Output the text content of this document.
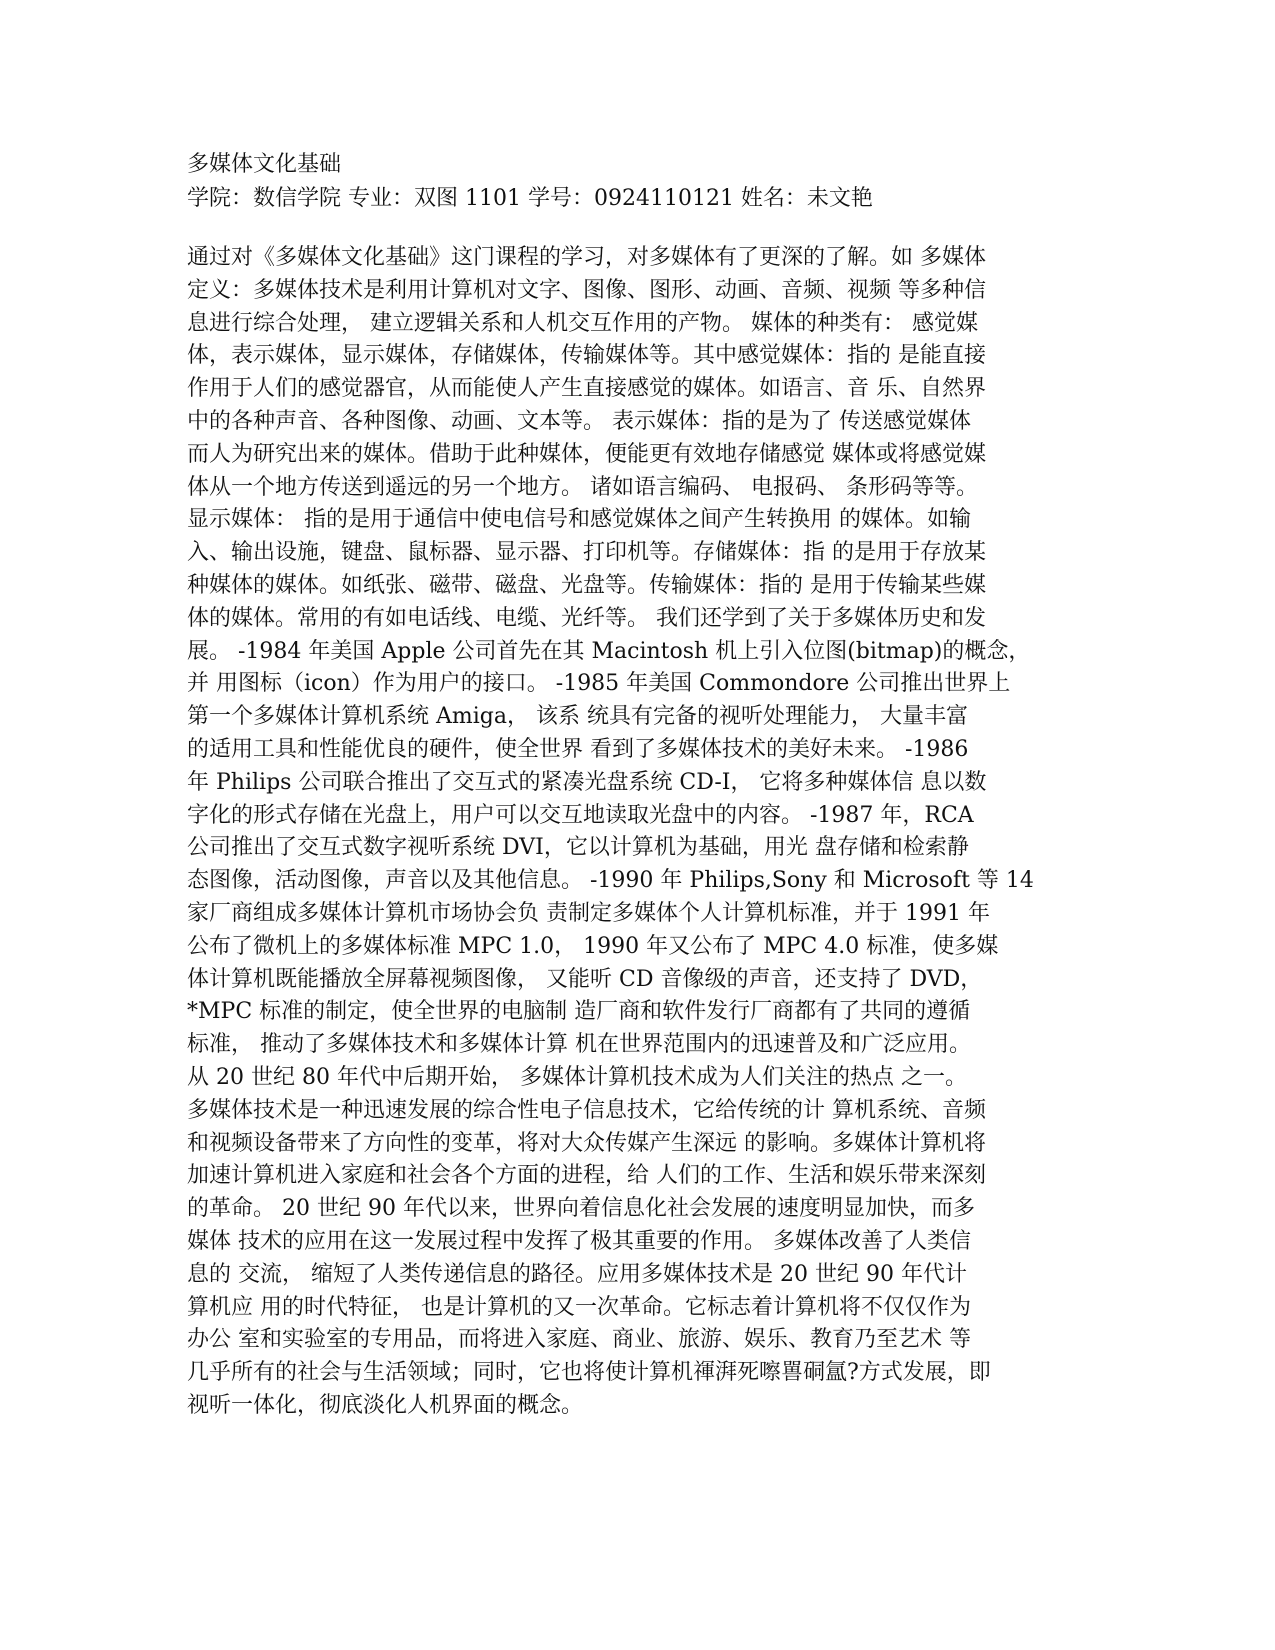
多媒体文化基础
学院：数信学院 专业：双图 1101 学号：0924110121 姓名：未文艳
通过对《多媒体文化基础》这门课程的学习，对多媒体有了更深的了解。如 多媒体
定义：多媒体技术是利用计算机对文字、图像、图形、动画、音频、视频 等多种信
息进行综合处理， 建立逻辑关系和人机交互作用的产物。 媒体的种类有： 感觉媒
体，表示媒体，显示媒体，存储媒体，传输媒体等。其中感觉媒体：指的 是能直接
作用于人们的感觉器官，从而能使人产生直接感觉的媒体。如语言、音 乐、自然界
中的各种声音、各种图像、动画、文本等。 表示媒体：指的是为了 传送感觉媒体
而人为研究出来的媒体。借助于此种媒体，便能更有效地存储感觉 媒体或将感觉媒
体从一个地方传送到遥远的另一个地方。 诸如语言编码、 电报码、 条形码等等。
显示媒体： 指的是用于通信中使电信号和感觉媒体之间产生转换用 的媒体。如输
入、输出设施，键盘、鼠标器、显示器、打印机等。存储媒体：指 的是用于存放某
种媒体的媒体。如纸张、磁带、磁盘、光盘等。传输媒体：指的 是用于传输某些媒
体的媒体。常用的有如电话线、电缆、光纤等。 我们还学到了关于多媒体历史和发
展。 -1984 年美国 Apple 公司首先在其 Macintosh 机上引入位图(bitmap)的概念，
并 用图标（icon）作为用户的接口。 -1985 年美国 Commondore 公司推出世界上
第一个多媒体计算机系统 Amiga， 该系 统具有完备的视听处理能力， 大量丰富
的适用工具和性能优良的硬件，使全世界 看到了多媒体技术的美好未来。 -1986
年 Philips 公司联合推出了交互式的紧凑光盘系统 CD-I， 它将多种媒体信 息以数
字化的形式存储在光盘上，用户可以交互地读取光盘中的内容。 -1987 年，RCA
公司推出了交互式数字视听系统 DVI，它以计算机为基础，用光 盘存储和检索静
态图像，活动图像，声音以及其他信息。 -1990 年 Philips,Sony 和 Microsoft 等 14
家厂商组成多媒体计算机市场协会负 责制定多媒体个人计算机标准，并于 1991 年
公布了微机上的多媒体标准 MPC 1.0， 1990 年又公布了 MPC 4.0 标准，使多媒
体计算机既能播放全屏幕视频图像， 又能听 CD 音像级的声音，还支持了 DVD，
*MPC 标准的制定，使全世界的电脑制 造厂商和软件发行厂商都有了共同的遵循
标准， 推动了多媒体技术和多媒体计算 机在世界范围内的迅速普及和广泛应用。
从 20 世纪 80 年代中后期开始， 多媒体计算机技术成为人们关注的热点 之一。
多媒体技术是一种迅速发展的综合性电子信息技术，它给传统的计 算机系统、音频
和视频设备带来了方向性的变革，将对大众传媒产生深远 的影响。多媒体计算机将
加速计算机进入家庭和社会各个方面的进程，给 人们的工作、生活和娱乐带来深刻
的革命。 20 世纪 90 年代以来，世界向着信息化社会发展的速度明显加快，而多
媒体 技术的应用在这一发展过程中发挥了极其重要的作用。 多媒体改善了人类信
息的 交流， 缩短了人类传递信息的路径。应用多媒体技术是 20 世纪 90 年代计
算机应 用的时代特征， 也是计算机的又一次革命。它标志着计算机将不仅仅作为
办公 室和实验室的专用品，而将进入家庭、商业、旅游、娱乐、教育乃至艺术 等
几乎所有的社会与生活领域；同时，它也将使计算机禈湃死嚓嘼硐氲?方式发展，即
视听一体化，彻底淡化人机界面的概念。
